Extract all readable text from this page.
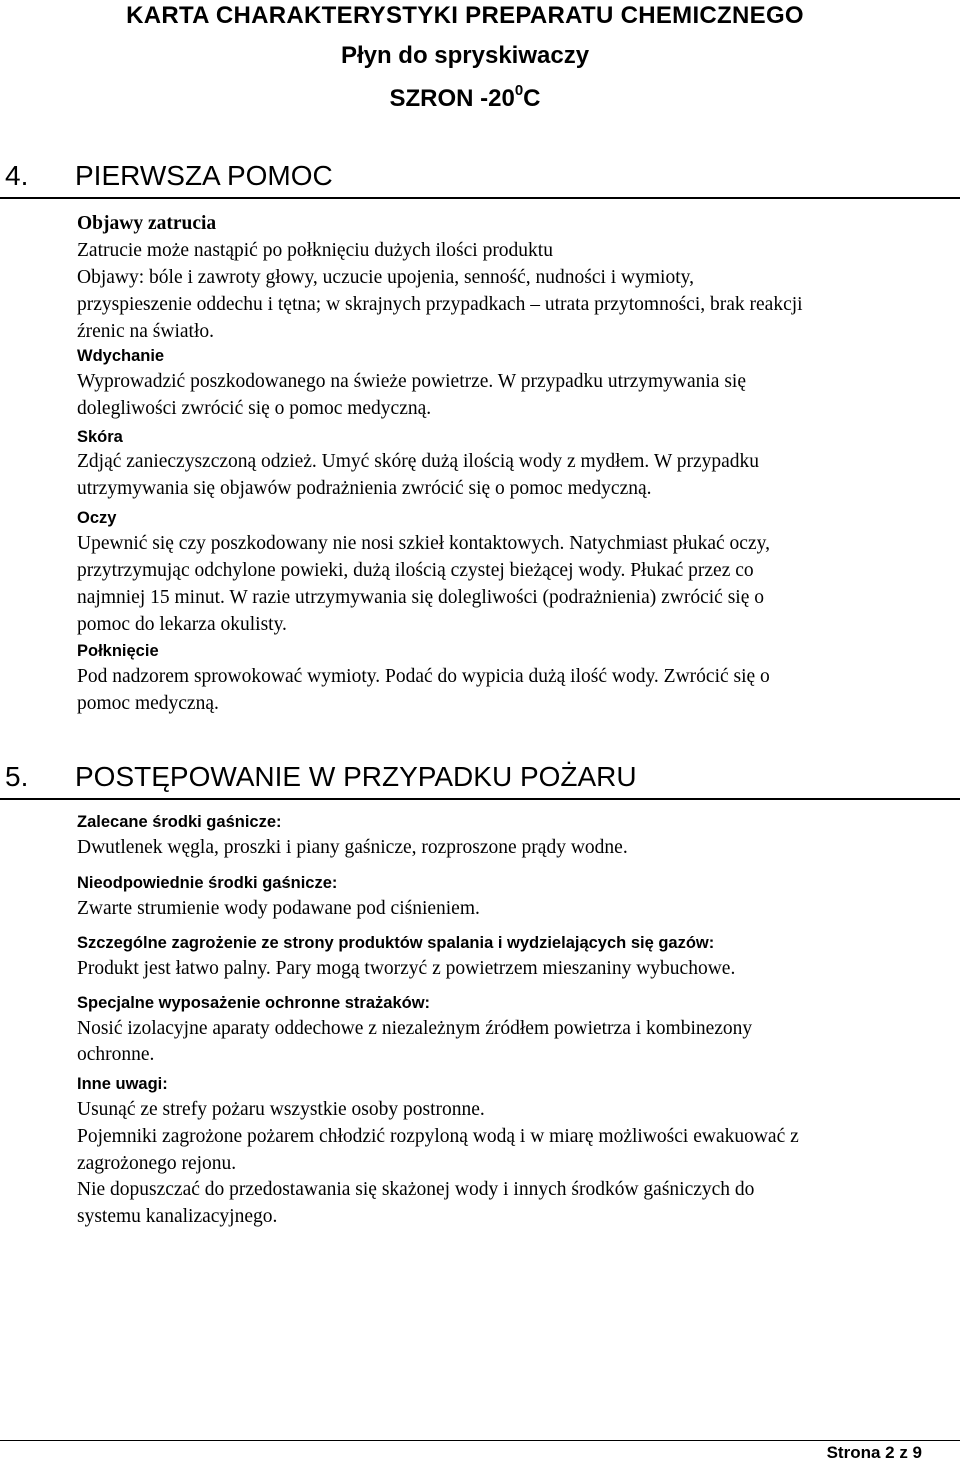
KARTA CHARAKTERYSTYKI PREPARATU CHEMICZNEGO
Płyn do spryskiwaczy
SZRON $-20^0C$
4. PIERWSZA POMOC
Objawy zatrucia
Zatrucie może nastąpić po połknięciu dużych ilości produktu
Objawy: bóle i zawroty głowy, uczucie upojenia, senność, nudności i wymioty,
przyspieszenie oddechu i tętna; w skrajnych przypadkach – utrata przytomności, brak reakcji
źrenic na światło.
Wdychanie
Wyprowadzić poszkodowanego na świeże powietrze. W przypadku utrzymywania się
dolegliwości zwrócić się o pomoc medyczną.
Skóra
Zdjąć zanieczyszczoną odzież. Umyć skórę dużą ilością wody z mydłem. W przypadku
utrzymywania się objawów podrażnienia zwrócić się o pomoc medyczną.
Oczy
Upewnić się czy poszkodowany nie nosi szkieł kontaktowych. Natychmiast płukać oczy,
przytrzymując odchylone powieki, dużą ilością czystej bieżącej wody. Płukać przez co
najmniej 15 minut. W razie utrzymywania się dolegliwości (podrażnienia) zwrócić się o
pomoc do lekarza okulisty.
Połknięcie
Pod nadzorem sprowokować wymioty. Podać do wypicia dużą ilość wody. Zwrócić się o
pomoc medyczną.
5. POSTĘPOWANIE W PRZYPADKU POŻARU
Zalecane środki gaśnicze:
Dwutlenek węgla, proszki i piany gaśnicze, rozproszone prądy wodne.
Nieodpowiednie środki gaśnicze:
Zwarte strumienie wody podawane pod ciśnieniem.
Szczególne zagrożenie ze strony produktów spalania i wydzielających się gazów:
Produkt jest łatwo palny. Pary mogą tworzyć z powietrzem mieszaniny wybuchowe.
Specjalne wyposażenie ochronne strażaków:
Nosić izolacyjne aparaty oddechowe z niezależnym źródłem powietrza i kombinezony
ochronne.
Inne uwagi:
Usunąć ze strefy pożaru wszystkie osoby postronne.
Pojemniki zagrożone pożarem chłodzić rozpyloną wodą i w miarę możliwości ewakuować z
zagrożonego rejonu.
Nie dopuszczać do przedostawania się skażonej wody i innych środków gaśniczych do
systemu kanalizacyjnego.
Strona 2 z 9
